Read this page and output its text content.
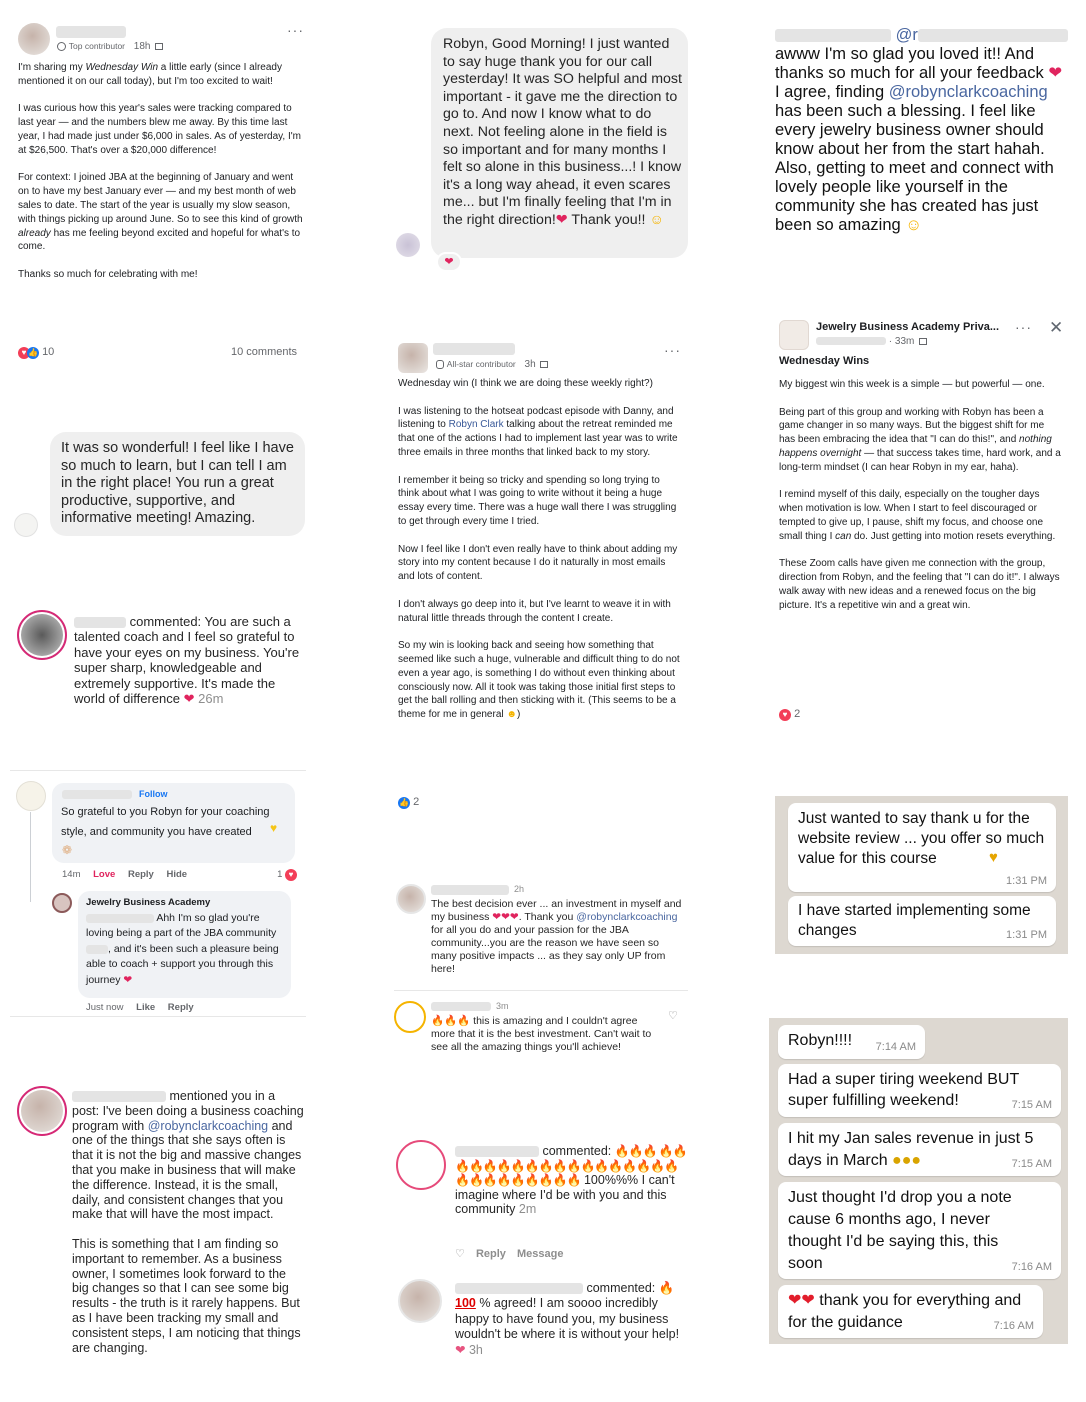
Top contributor 18h
···

I'm sharing my Wednesday Win a little early (since I already mentioned it on our call today), but I'm too excited to wait!

I was curious how this year's sales were tracking compared to last year — and the numbers blew me away. By this time last year, I had made just under $6,000 in sales. As of yesterday, I'm at $26,500. That's over a $20,000 difference!

For context: I joined JBA at the beginning of January and went on to have my best January ever — and my best month of web sales to date. The start of the year is usually my slow season, with things picking up around June. So to see this kind of growth already has me feeling beyond excited and hopeful for what's to come.

Thanks so much for celebrating with me!

♥ 👍 10	10 comments
It was so wonderful! I feel like I have so much to learn, but I can tell I am in the right place! You run a great productive, supportive, and informative meeting! Amazing.
commented: You are such a talented coach and I feel so grateful to have your eyes on my business. You're super sharp, knowledgeable and extremely supportive. It's made the world of difference ❤ 26m
Follow
So grateful to you Robyn for your coaching style, and community you have created	♥
❁
14m Love Reply Hide	1 ♥
Jewelry Business Academy
Ahh I'm so glad you're loving being a part of the JBA community , and it's been such a pleasure being able to coach + support you through this journey ❤
Just now Like Reply
mentioned you in a post: I've been doing a business coaching program with @robynclarkcoaching and one of the things that she says often is that it is not the big and massive changes that you make in business that will make the difference. Instead, it is the small, daily, and consistent changes that you make that will have the most impact.
This is something that I am finding so important to remember. As a business owner, I sometimes look forward to the big changes so that I can see some big results - the truth is it rarely happens. But as I have been tracking my small and consistent steps, I am noticing that things are changing.
Robyn, Good Morning! I just wanted to say huge thank you for our call yesterday! It was SO helpful and most important - it gave me the direction to go to. And now I know what to do next. Not feeling alone in the field is so important and for many months I felt so alone in this business...! I know it's a long way ahead, it even scares me... but I'm finally feeling that I'm in the right direction!❤ Thank you!! ☺
❤
All-star contributor 3h
···

Wednesday win (I think we are doing these weekly right?)

I was listening to the hotseat podcast episode with Danny, and listening to Robyn Clark talking about the retreat reminded me that one of the actions I had to implement last year was to write three emails in three months that linked back to my story.

I remember it being so tricky and spending so long trying to think about what I was going to write without it being a huge essay every time. There was a huge wall there I was struggling to get through every time I tried.

Now I feel like I don't even really have to think about adding my story into my content because I do it naturally in most emails and lots of content.

I don't always go deep into it, but I've learnt to weave it in with natural little threads through the content I create.

So my win is looking back and seeing how something that seemed like such a huge, vulnerable and difficult thing to do not even a year ago, is something I do without even thinking about consciously now. All it took was taking those initial first steps to get the ball rolling and then sticking with it. (This seems to be a theme for me in general ☻)

👍 2
2h
The best decision ever ... an investment in myself and my business ❤❤❤. Thank you @robynclarkcoaching for all you do and your passion for the JBA community...you are the reason we have seen so many positive impacts ... as they say only UP from here!
3m
♡
🔥🔥🔥 this is amazing and I couldn't agree more that it is the best investment. Can't wait to see all the amazing things you'll achieve!
commented: 🔥🔥🔥 🔥🔥🔥🔥🔥🔥🔥🔥🔥🔥🔥🔥🔥🔥🔥🔥🔥🔥🔥🔥🔥🔥🔥🔥🔥🔥🔥 100%%% I can't imagine where I'd be with you and this community 2m
♡ Reply Message
commented: 🔥 100 % agreed! I am soooo incredibly happy to have found you, my business wouldn't be where it is without your help! ❤ 3h
@r
awww I'm so glad you loved it!! And thanks so much for all your feedback ❤ I agree, finding @robynclarkcoaching has been such a blessing. I feel like every jewelry business owner should know about her from the start hahah. Also, getting to meet and connect with lovely people like yourself in the community she has created has just been so amazing ☺
Jewelry Business Academy Priva... ··· ✕
· 33m
Wednesday Wins

My biggest win this week is a simple — but powerful — one.

Being part of this group and working with Robyn has been a game changer in so many ways. But the biggest shift for me has been embracing the idea that "I can do this!", and nothing happens overnight — that success takes time, hard work, and a long-term mindset (I can hear Robyn in my ear, haha).

I remind myself of this daily, especially on the tougher days when motivation is low. When I start to feel discouraged or tempted to give up, I pause, shift my focus, and choose one small thing I can do. Just getting into motion resets everything.

These Zoom calls have given me connection with the group, direction from Robyn, and the feeling that "I can do it!". I always walk away with new ideas and a renewed focus on the big picture. It's a repetitive win and a great win.

♥ 2
Just wanted to say thank u for the website review ... you offer so much value for this course	♥
1:31 PM
I have started implementing some changes	1:31 PM
Robyn!!!! 7:14 AM
Had a super tiring weekend BUT super fulfilling weekend!	7:15 AM
I hit my Jan sales revenue in just 5 days in March ●●●	7:15 AM
Just thought I'd drop you a note cause 6 months ago, I never thought I'd be saying this, this soon	7:16 AM
❤❤ thank you for everything and for the guidance	7:16 AM
